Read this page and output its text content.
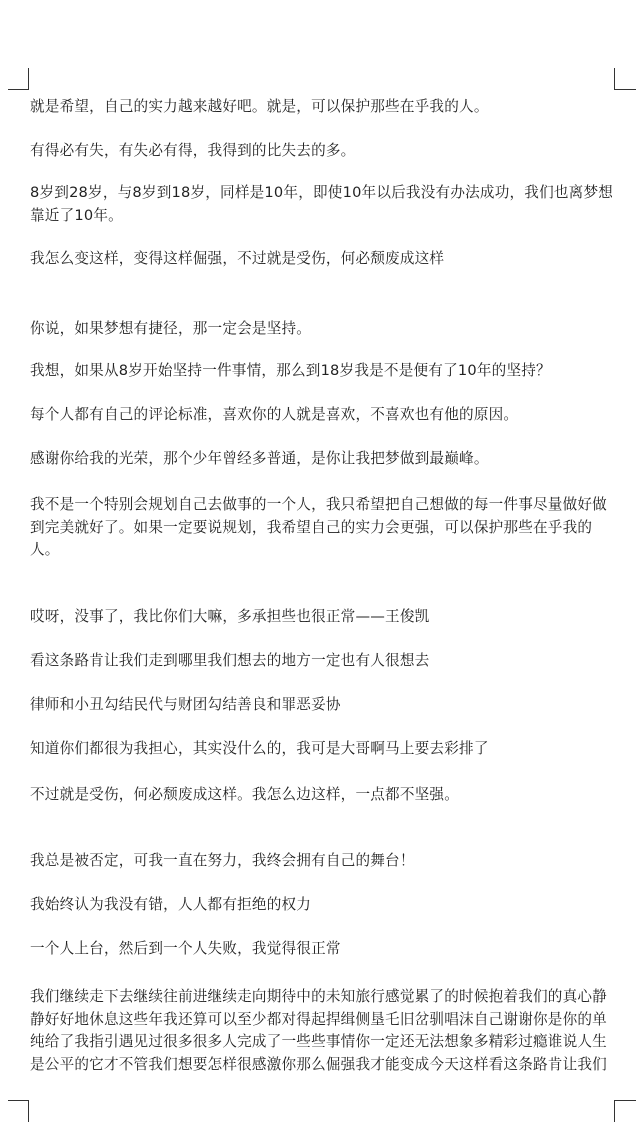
就是希望，自己的实力越来越好吧。就是，可以保护那些在乎我的人。

有得必有失，有失必有得，我得到的比失去的多。

8岁到28岁，与8岁到18岁，同样是10年，即使10年以后我没有办法成功，我们也离梦想靠近了10年。

我怎么变这样，变得这样倔强，不过就是受伤，何必颓废成这样

你说，如果梦想有捷径，那一定会是坚持。

我想，如果从8岁开始坚持一件事情，那么到18岁我是不是便有了10年的坚持？

每个人都有自己的评论标准，喜欢你的人就是喜欢，不喜欢也有他的原因。

感谢你给我的光荣，那个少年曾经多普通，是你让我把梦做到最巅峰。

我不是一个特别会规划自己去做事的一个人，我只希望把自己想做的每一件事尽量做好做到完美就好了。如果一定要说规划，我希望自己的实力会更强，可以保护那些在乎我的人。

哎呀，没事了，我比你们大嘛，多承担些也很正常——王俊凯

看这条路肯让我们走到哪里我们想去的地方一定也有人很想去

律师和小丑勾结民代与财团勾结善良和罪恶妥协

知道你们都很为我担心，其实没什么的，我可是大哥啊马上要去彩排了

不过就是受伤，何必颓废成这样。我怎么边这样，一点都不坚强。

我总是被否定，可我一直在努力，我终会拥有自己的舞台！

我始终认为我没有错，人人都有拒绝的权力

一个人上台，然后到一个人失败，我觉得很正常

我们继续走下去继续往前进继续走向期待中的未知旅行感觉累了的时候抱着我们的真心静静好好地休息这些年我还算可以至少都对得起捍缉侧垦乇旧岔驯唱沫自己谢谢你是你的单纯给了我指引遇见过很多很多人完成了一些些事情你一定还无法想象多精彩过瘾谁说人生是公平的它才不管我们想要怎样很感激你那么倔强我才能变成今天这样看这条路肯让我们
